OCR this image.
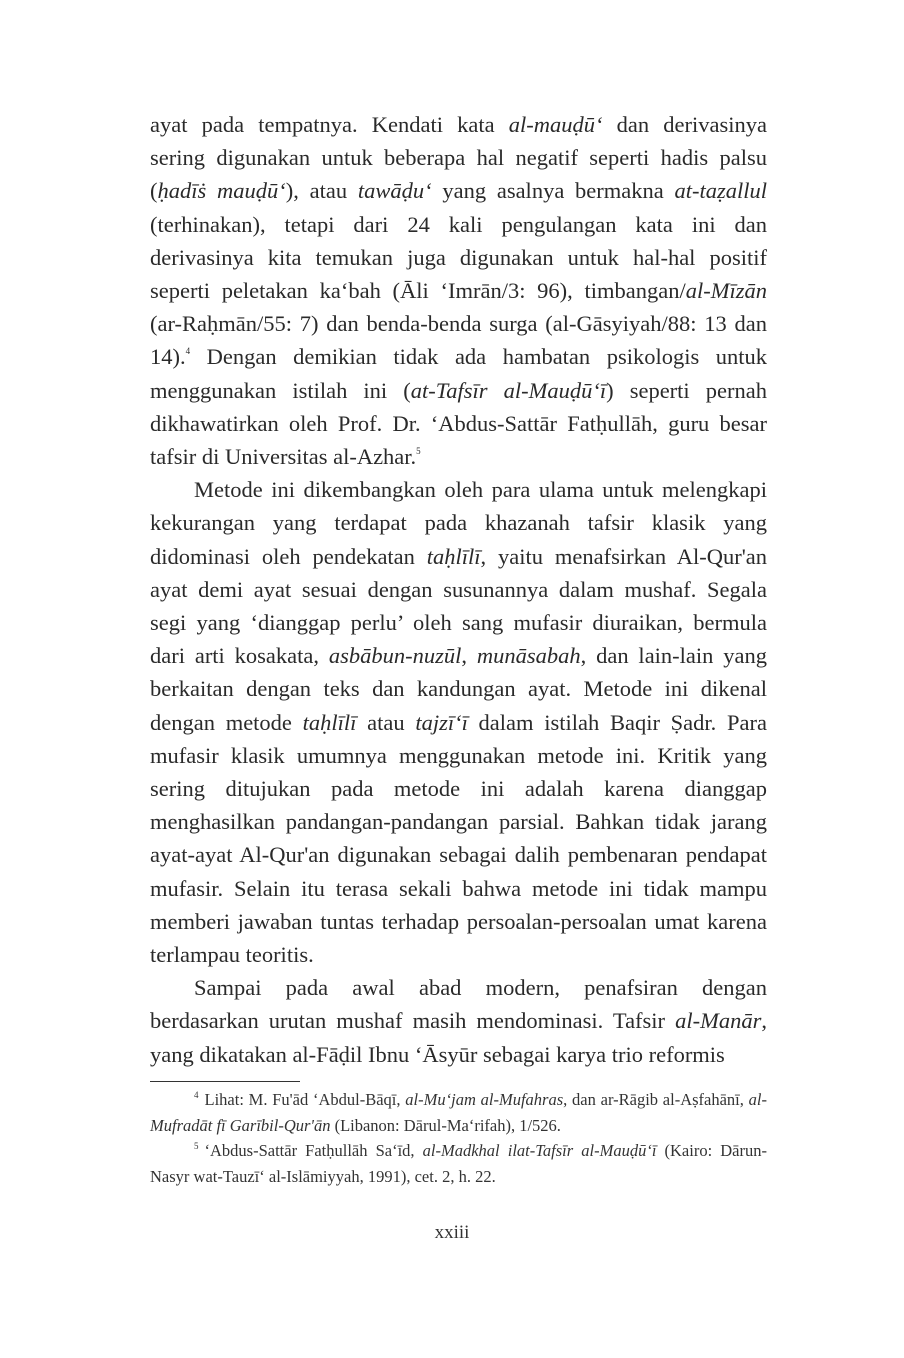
ayat pada tempatnya. Kendati kata al-mauḍū‘ dan derivasinya sering digunakan untuk beberapa hal negatif seperti hadis palsu (ḥadīṡ mauḍū‘), atau tawāḍu‘ yang asalnya bermakna at-taẓallul (terhinakan), tetapi dari 24 kali pengulangan kata ini dan derivasinya kita temukan juga digunakan untuk hal-hal positif seperti peletakan ka‘bah (Āli ‘Imrān/3: 96), timbangan/al-Mīzān (ar-Raḥmān/55: 7) dan benda-benda surga (al-Gāsyiyah/88: 13 dan 14).$^4$ Dengan demikian tidak ada hambatan psikologis untuk menggunakan istilah ini (at-Tafsīr al-Mauḍū‘ī) seperti pernah dikhawatirkan oleh Prof. Dr. ‘Abdus-Sattār Fatḥullāh, guru besar tafsir di Universitas al-Azhar.$^5$

Metode ini dikembangkan oleh para ulama untuk melengkapi kekurangan yang terdapat pada khazanah tafsir klasik yang didominasi oleh pendekatan taḥlīlī, yaitu menafsirkan Al-Qur'an ayat demi ayat sesuai dengan susunannya dalam mushaf. Segala segi yang ‘dianggap perlu’ oleh sang mufasir diuraikan, bermula dari arti kosakata, asbābun-nuzūl, munāsabah, dan lain-lain yang berkaitan dengan teks dan kandungan ayat. Metode ini dikenal dengan metode taḥlīlī atau tajzī‘ī dalam istilah Baqir Ṣadr. Para mufasir klasik umumnya menggunakan metode ini. Kritik yang sering ditujukan pada metode ini adalah karena dianggap menghasilkan pandangan-pandangan parsial. Bahkan tidak jarang ayat-ayat Al-Qur'an digunakan sebagai dalih pembenaran pendapat mufasir. Selain itu terasa sekali bahwa metode ini tidak mampu memberi jawaban tuntas terhadap persoalan-persoalan umat karena terlampau teoritis.

Sampai pada awal abad modern, penafsiran dengan berdasarkan urutan mushaf masih mendominasi. Tafsir al-Manār, yang dikatakan al-Fāḍil Ibnu ‘Āsyūr sebagai karya trio reformis

$^4$ Lihat: M. Fu'ād ‘Abdul-Bāqī, al-Mu‘jam al-Mufahras, dan ar-Rāgib al-Aṣfahānī, al-Mufradāt fī Garībil-Qur'ān (Libanon: Dārul-Ma‘rifah), 1/526.

$^5$ ‘Abdus-Sattār Fatḥullāh Sa‘īd, al-Madkhal ilat-Tafsīr al-Mauḍū‘ī (Kairo: Dārun-Nasyr wat-Tauzī‘ al-Islāmiyyah, 1991), cet. 2, h. 22.

xxiii
